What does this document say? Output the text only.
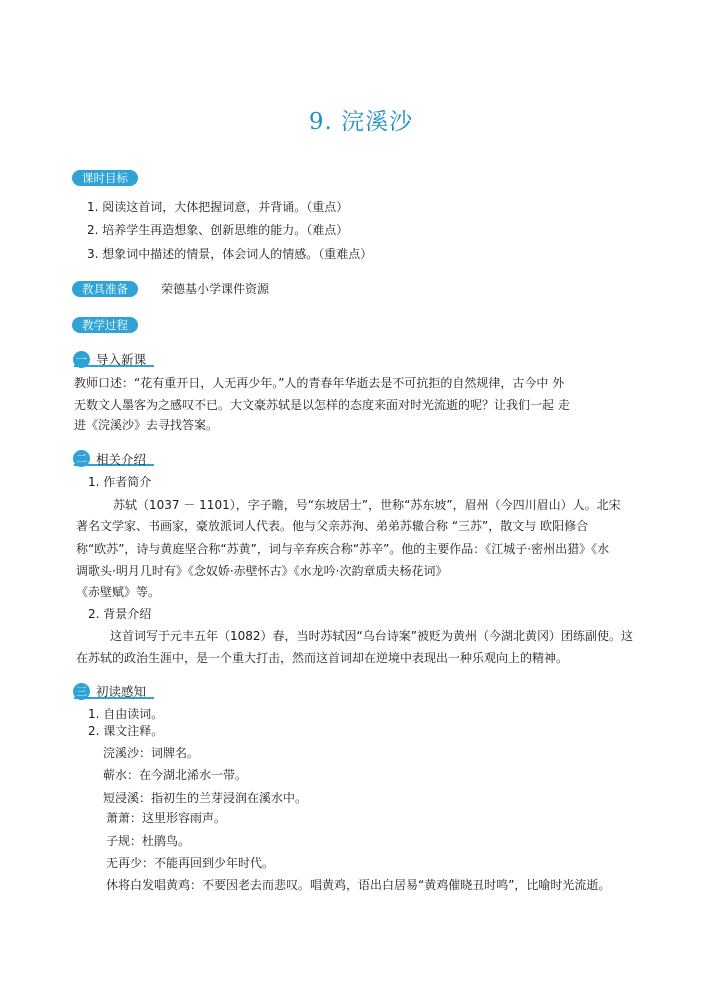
9. 浣溪沙
课时目标
1. 阅读这首词，大体把握词意，并背诵。（重点）
2. 培养学生再造想象、创新思维的能力。（难点）
3. 想象词中描述的情景，体会词人的情感。（重难点）
教具准备	荣德基小学课件资源
教学过程
一 导入新课
教师口述：“花有重开日，人无再少年。”人的青春年华逝去是不可抗拒的自然规律，古今中 外
无数文人墨客为之感叹不已。大文豪苏轼是以怎样的态度来面对时光流逝的呢？让我们一起 走
进《浣溪沙》去寻找答案。
二 相关介绍
1. 作者简介
苏轼（1037 － 1101），字子瞻，号“东坡居士”，世称“苏东坡”，眉州（今四川眉山）人。北宋
著名文学家、书画家，豪放派词人代表。他与父亲苏洵、弟弟苏辙合称 “三苏”，散文与 欧阳修合
称“欧苏”，诗与黄庭坚合称“苏黄”，词与辛弃疾合称“苏辛”。他的主要作品：《江城子·密州出猎》《水
调歌头·明月几时有》《念奴娇·赤壁怀古》《水龙吟·次韵章质夫杨花词》
《赤壁赋》等。
2. 背景介绍
这首词写于元丰五年（1082）春，当时苏轼因“乌台诗案”被贬为黄州（今湖北黄冈）团练副使。这
在苏轼的政治生涯中，是一个重大打击，然而这首词却在逆境中表现出一种乐观向上的精神。
三 初读感知
1. 自由读词。
2. 课文注释。
浣溪沙：词牌名。
蕲水：在今湖北浠水一带。
短浸溪：指初生的兰芽浸润在溪水中。
萧萧：这里形容雨声。
子规：杜鹃鸟。
无再少：不能再回到少年时代。
休将白发唱黄鸡：不要因老去而悲叹。唱黄鸡，语出白居易“黄鸡催晓丑时鸣”，比喻时光流逝。
